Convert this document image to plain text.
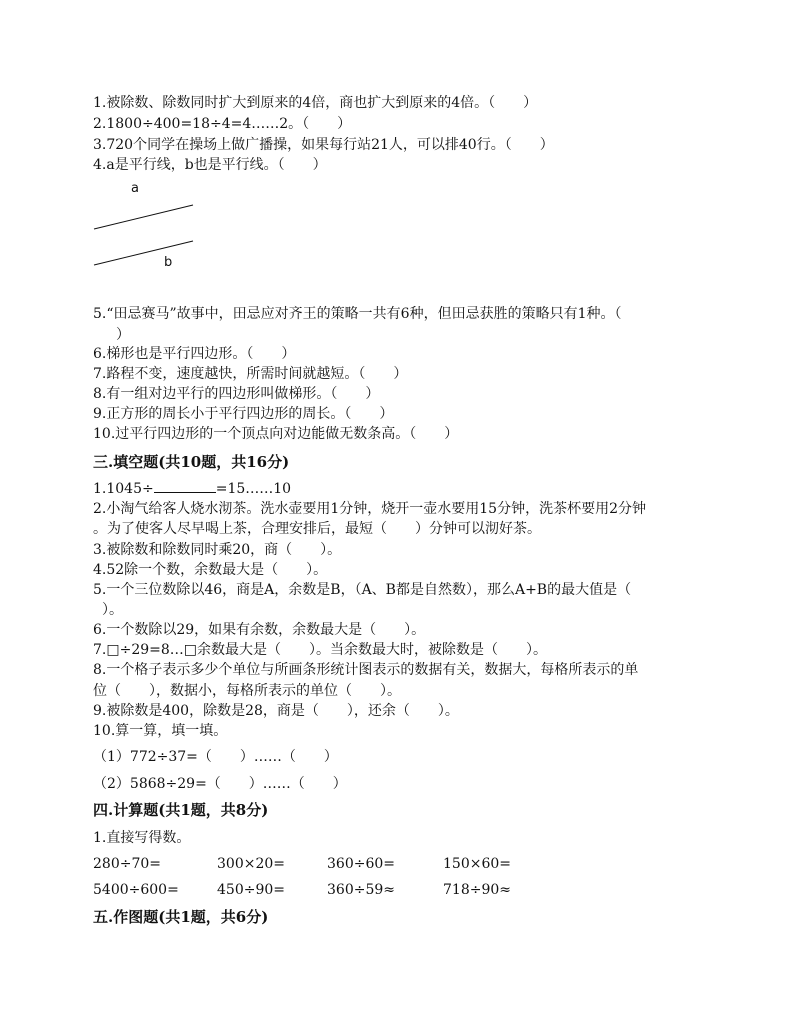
1.被除数、除数同时扩大到原来的4倍，商也扩大到原来的4倍。（　　）
2.1800÷400=18÷4=4……2。（　　）
3.720个同学在操场上做广播操，如果每行站21人，可以排40行。（　　）
4.a是平行线，b也是平行线。（　　）
a
b
5.“田忌赛马”故事中，田忌应对齐王的策略一共有6种，但田忌获胜的策略只有1种。（
）
6.梯形也是平行四边形。（　　）
7.路程不变，速度越快，所需时间就越短。（　　）
8.有一组对边平行的四边形叫做梯形。（　　）
9.正方形的周长小于平行四边形的周长。（　　）
10.过平行四边形的一个顶点向对边能做无数条高。（　　）
三.填空题(共10题，共16分)
1.1045÷	=15……10
2.小淘气给客人烧水沏茶。洗水壶要用1分钟，烧开一壶水要用15分钟，洗茶杯要用2分钟
。为了使客人尽早喝上茶，合理安排后，最短（　　）分钟可以沏好茶。
3.被除数和除数同时乘20，商（　　）。
4.52除一个数，余数最大是（　　）。
5.一个三位数除以46，商是A，余数是B，（A、B都是自然数），那么A+B的最大值是（
）。
6.一个数除以29，如果有余数，余数最大是（　　）。
7.□÷29=8…□余数最大是（　　）。当余数最大时，被除数是（　　）。
8.一个格子表示多少个单位与所画条形统计图表示的数据有关，数据大，每格所表示的单
位（　　），数据小，每格所表示的单位（　　）。
9.被除数是400，除数是28，商是（　　），还余（　　）。
10.算一算，填一填。
（1）772÷37=（　　）……（　　）
（2）5868÷29=（　　）……（　　）
四.计算题(共1题，共8分)
1.直接写得数。
280÷70=	300×20=	360÷60=	150×60=
5400÷600=	450÷90=	360÷59≈	718÷90≈
五.作图题(共1题，共6分)
